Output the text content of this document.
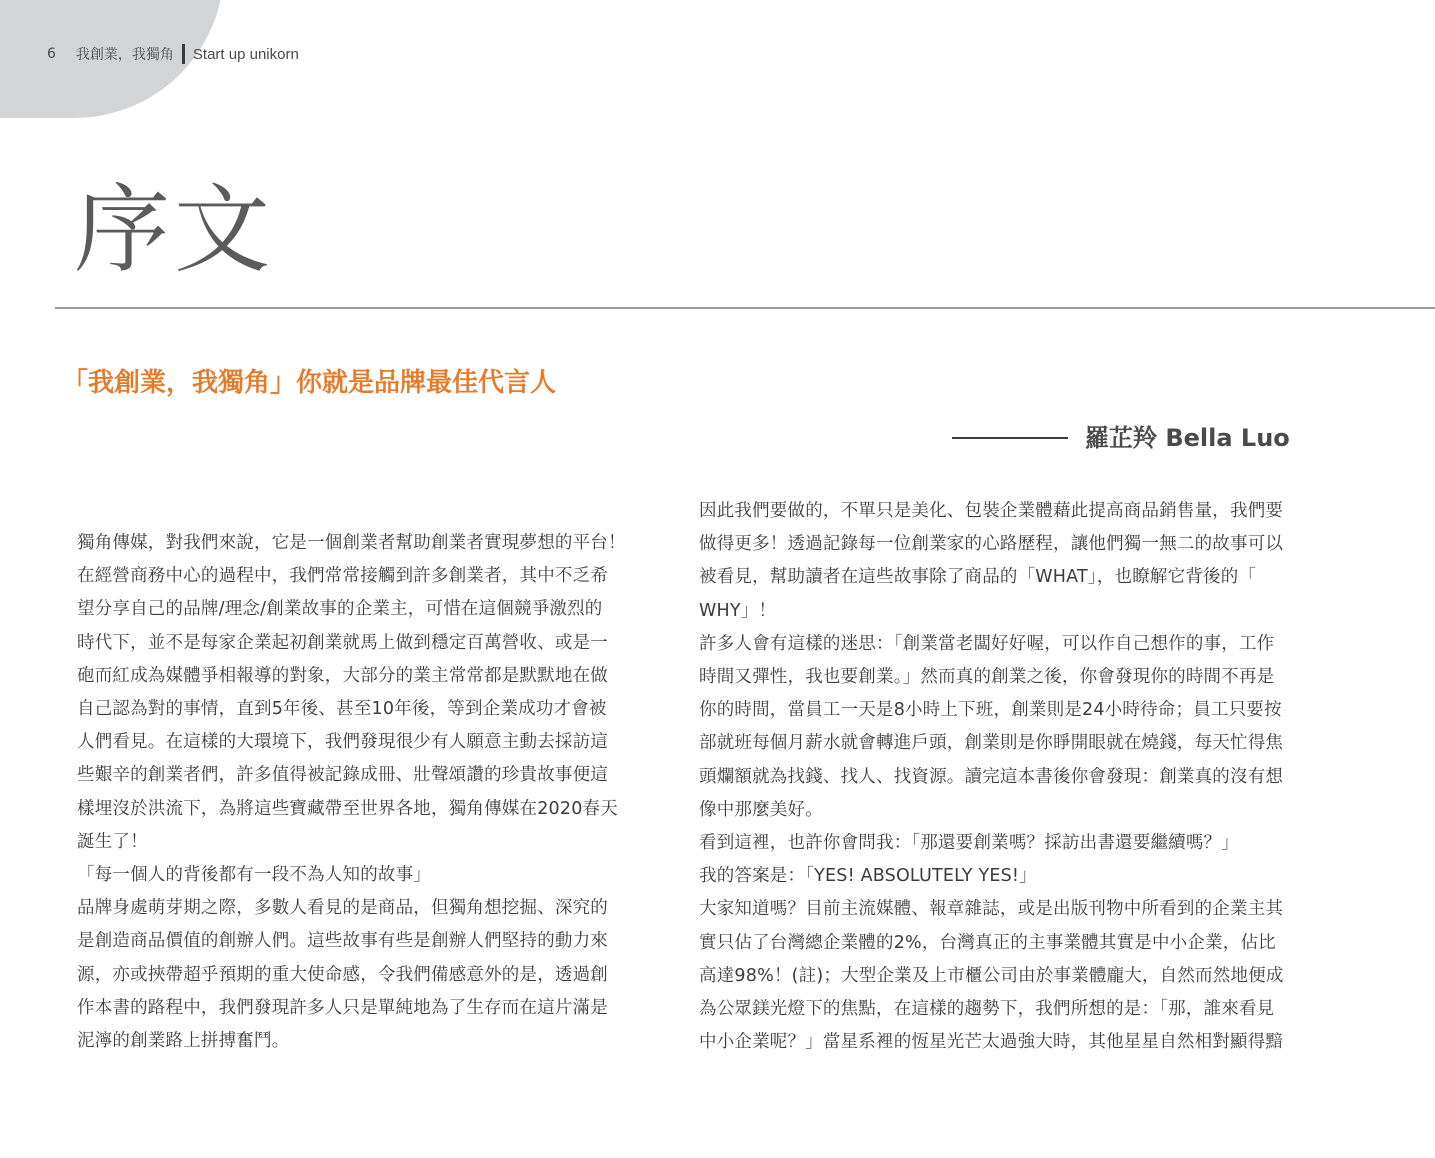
6 我創業，我獨角 Start up unikorn
序文
「我創業，我獨角」你就是品牌最佳代言人
羅芷羚 Bella Luo

獨角傳媒，對我們來說，它是一個創業者幫助創業者實現夢想的平台！

在經營商務中心的過程中，我們常常接觸到許多創業者，其中不乏希

望分享自己的品牌/理念/創業故事的企業主，可惜在這個競爭激烈的

時代下，並不是每家企業起初創業就馬上做到穩定百萬營收、或是一

砲而紅成為媒體爭相報導的對象，大部分的業主常常都是默默地在做

自己認為對的事情，直到5年後、甚至10年後，等到企業成功才會被

人們看見。在這樣的大環境下，我們發現很少有人願意主動去採訪這

些艱辛的創業者們，許多值得被記錄成冊、壯聲頌讚的珍貴故事便這

樣埋沒於洪流下，為將這些寶藏帶至世界各地，獨角傳媒在2020春天

誕生了！

「每一個人的背後都有一段不為人知的故事」

品牌身處萌芽期之際，多數人看見的是商品，但獨角想挖掘、深究的

是創造商品價值的創辦人們。這些故事有些是創辦人們堅持的動力來

源，亦或挾帶超乎預期的重大使命感，令我們備感意外的是，透過創

作本書的路程中，我們發現許多人只是單純地為了生存而在這片滿是

泥濘的創業路上拼搏奮鬥。

因此我們要做的，不單只是美化、包裝企業體藉此提高商品銷售量，我們要

做得更多！透過記錄每一位創業家的心路歷程，讓他們獨一無二的故事可以

被看見，幫助讀者在這些故事除了商品的「WHAT」，也瞭解它背後的「

WHY」！

許多人會有這樣的迷思：「創業當老闆好好喔，可以作自己想作的事，工作

時間又彈性，我也要創業。」然而真的創業之後，你會發現你的時間不再是

你的時間，當員工一天是8小時上下班，創業則是24小時待命；員工只要按

部就班每個月薪水就會轉進戶頭，創業則是你睜開眼就在燒錢，每天忙得焦

頭爛額就為找錢、找人、找資源。讀完這本書後你會發現：創業真的沒有想

像中那麼美好。

看到這裡，也許你會問我：「那還要創業嗎？採訪出書還要繼續嗎？」

我的答案是：「YES! ABSOLUTELY YES!」

大家知道嗎？目前主流媒體、報章雜誌，或是出版刊物中所看到的企業主其

實只佔了台灣總企業體的2%，台灣真正的主事業體其實是中小企業，佔比

高達98%！(註)；大型企業及上市櫃公司由於事業體龐大，自然而然地便成

為公眾鎂光燈下的焦點，在這樣的趨勢下，我們所想的是：「那，誰來看見

中小企業呢？」當星系裡的恆星光芒太過強大時，其他星星自然相對顯得黯
